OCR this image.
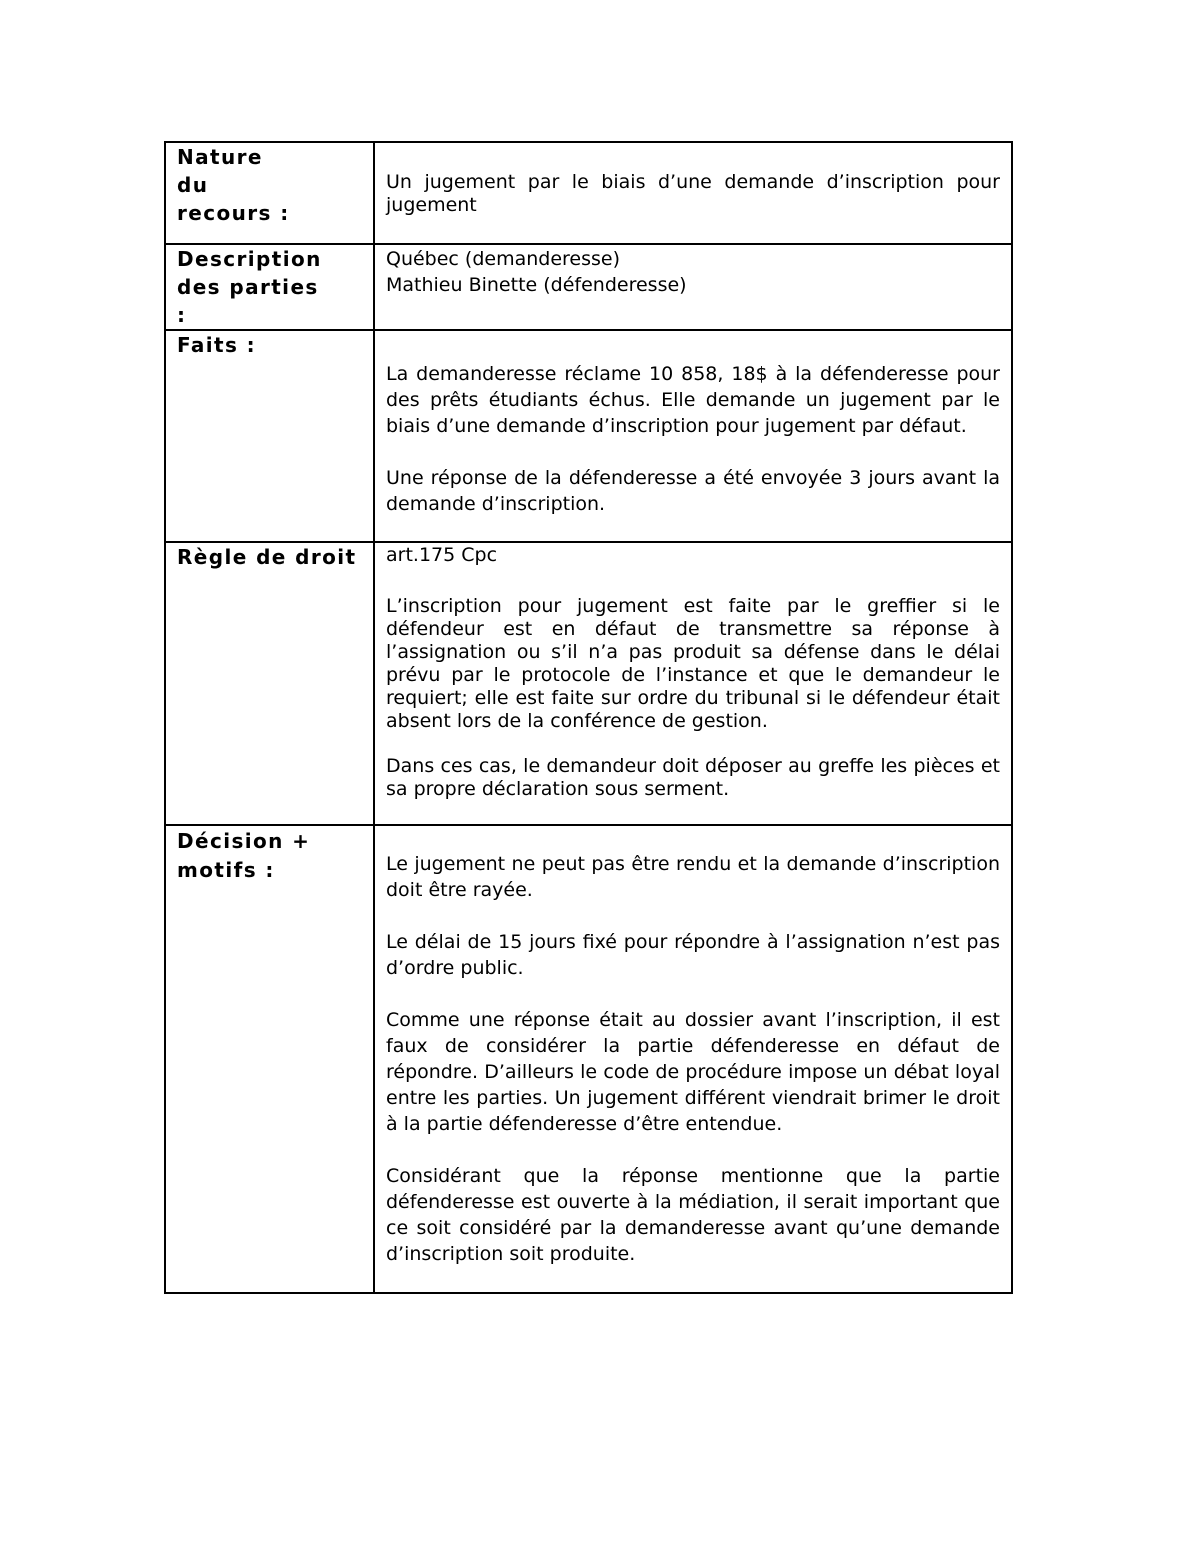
Nature du recours :	Un jugement par le biais d’une demande d’inscription pour jugement

Description des parties :	Québec (demanderesse)

Mathieu Binette (défenderesse)

Faits :	La demanderesse réclame 10 858, 18$ à la défenderesse pour des prêts étudiants échus. Elle demande un jugement par le biais d’une demande d’inscription pour jugement par défaut.

Une réponse de la défenderesse a été envoyée 3 jours avant la demande d’inscription.

Règle de droit	art.175 Cpc

L’inscription pour jugement est faite par le greffier si le défendeur est en défaut de transmettre sa réponse à l’assignation ou s’il n’a pas produit sa défense dans le délai prévu par le protocole de l’instance et que le demandeur le requiert; elle est faite sur ordre du tribunal si le défendeur était absent lors de la conférence de gestion.

Dans ces cas, le demandeur doit déposer au greffe les pièces et sa propre déclaration sous serment.

Décision + motifs :	Le jugement ne peut pas être rendu et la demande d’inscription doit être rayée.

Le délai de 15 jours fixé pour répondre à l’assignation n’est pas d’ordre public.

Comme une réponse était au dossier avant l’inscription, il est faux de considérer la partie défenderesse en défaut de répondre. D’ailleurs le code de procédure impose un débat loyal entre les parties. Un jugement différent viendrait brimer le droit à la partie défenderesse d’être entendue.

Considérant que la réponse mentionne que la partie défenderesse est ouverte à la médiation, il serait important que ce soit considéré par la demanderesse avant qu’une demande d’inscription soit produite.
